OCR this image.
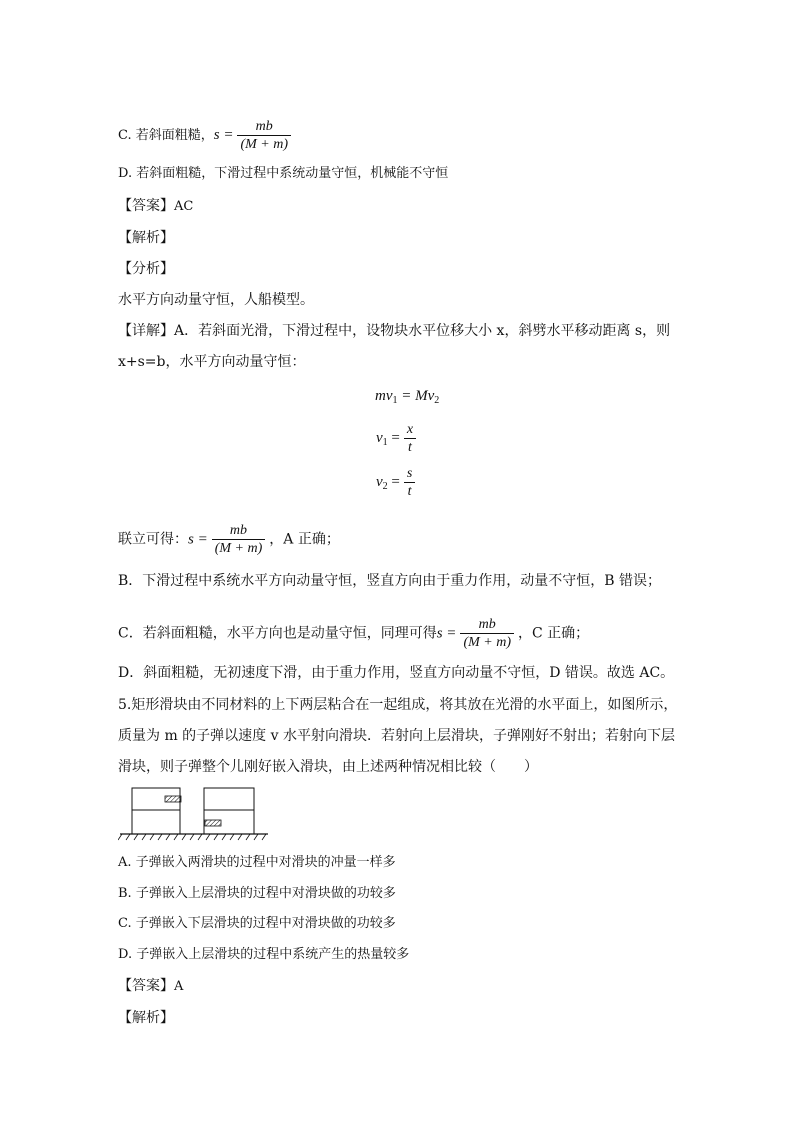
C. 若斜面粗糙，$s = \frac{mb}{(M + m)}$
D. 若斜面粗糙，下滑过程中系统动量守恒，机械能不守恒
【答案】AC
【解析】
【分析】
水平方向动量守恒，人船模型。
【详解】A．若斜面光滑，下滑过程中，设物块水平位移大小 x，斜劈水平移动距离 s，则
x+s=b，水平方向动量守恒：
$mv_1 = Mv_2$
$v_1 = \frac{x}{t}$
$v_2 = \frac{s}{t}$
联立可得：$s = \frac{mb}{(M + m)}$ ，A 正确；
B．下滑过程中系统水平方向动量守恒，竖直方向由于重力作用，动量不守恒，B 错误；
C．若斜面粗糙，水平方向也是动量守恒，同理可得$s = \frac{mb}{(M + m)}$ ，C 正确；
D．斜面粗糙，无初速度下滑，由于重力作用，竖直方向动量不守恒，D 错误。故选 AC。
5.矩形滑块由不同材料的上下两层粘合在一起组成，将其放在光滑的水平面上，如图所示，
质量为 m 的子弹以速度 v 水平射向滑块．若射向上层滑块，子弹刚好不射出；若射向下层
滑块，则子弹整个儿刚好嵌入滑块，由上述两种情况相比较（　　）
A. 子弹嵌入两滑块的过程中对滑块的冲量一样多
B. 子弹嵌入上层滑块的过程中对滑块做的功较多
C. 子弹嵌入下层滑块的过程中对滑块做的功较多
D. 子弹嵌入上层滑块的过程中系统产生的热量较多
【答案】A
【解析】
